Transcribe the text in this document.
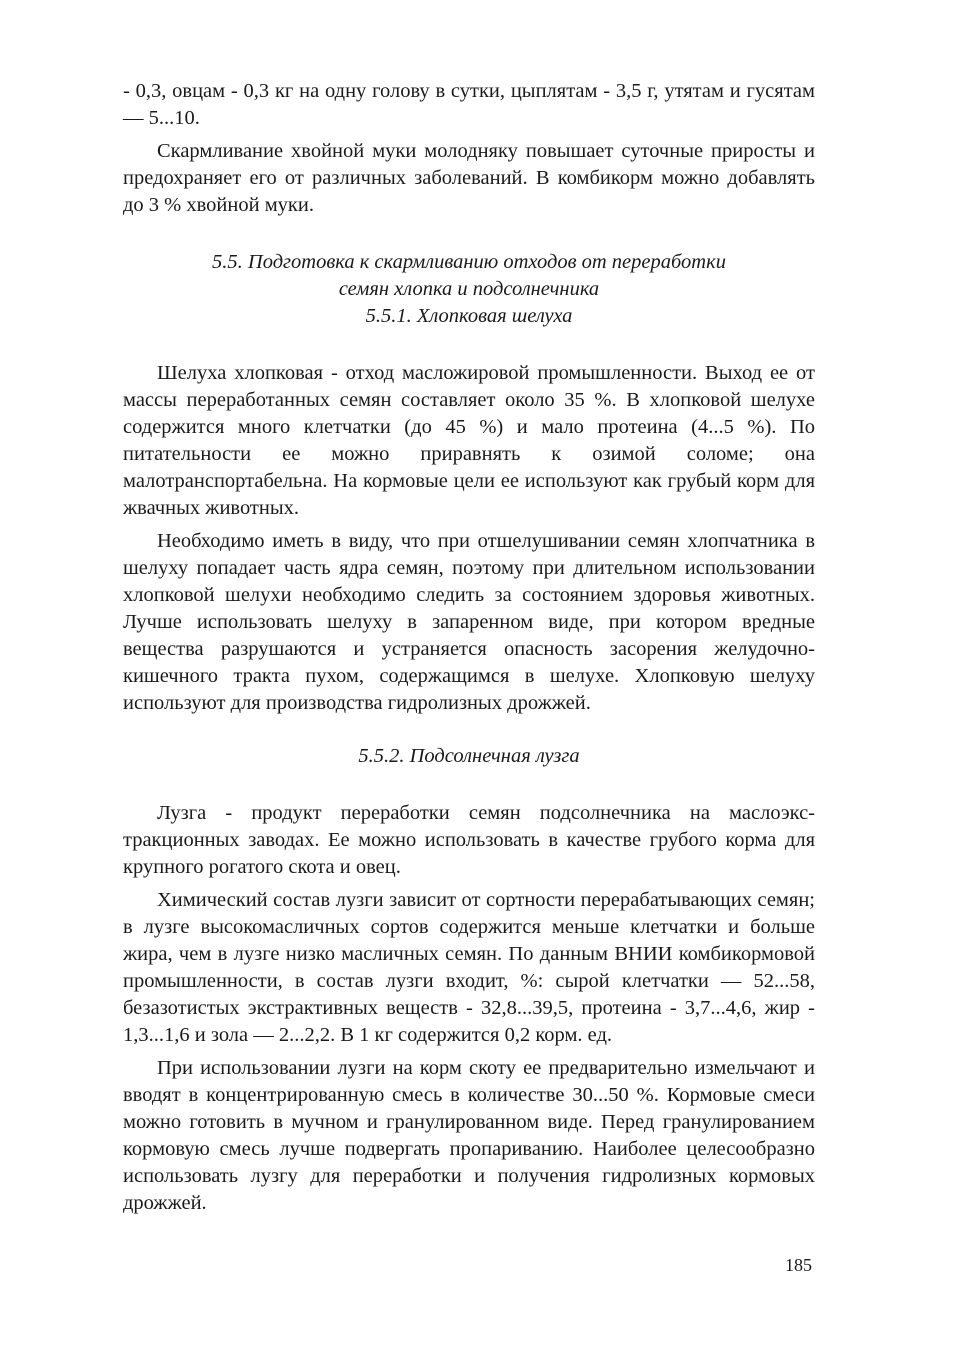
- 0,3, овцам - 0,3 кг на одну голову в сутки, цыплятам - 3,5 г, утятам и гусятам — 5...10.

Скармливание хвойной муки молодняку повышает суточные приросты и предохраняет его от различных заболеваний. В комбикорм можно добавлять до 3 % хвойной муки.

5.5. Подготовка к скармливанию отходов от переработки

семян хлопка и подсолнечника

5.5.1. Хлопковая шелуха

Шелуха хлопковая - отход масложировой промышленности. Выход ее от массы переработанных семян составляет около 35 %. В хлопковой шелухе содержится много клетчатки (до 45 %) и мало протеина (4...5 %). По питательности ее можно приравнять к озимой соломе; она малотранспортабельна. На кормовые цели ее используют как грубый корм для жвачных животных.

Необходимо иметь в виду, что при отшелушивании семян хлопчатника в шелуху попадает часть ядра семян, поэтому при длительном использовании хлопковой шелухи необходимо следить за состоянием здоровья животных. Лучше использовать шелуху в запаренном виде, при котором вредные вещества разрушаются и устраняется опасность засорения желудочно-кишечного тракта пухом, содержащимся в шелухе. Хлопковую шелуху используют для производства гидролизных дрожжей.

5.5.2. Подсолнечная лузга

Лузга - продукт переработки семян подсолнечника на маслоэкстракционных заводах. Ее можно использовать в качестве грубого корма для крупного рогатого скота и овец.

Химический состав лузги зависит от сортности перерабатывающих семян; в лузге высокомасличных сортов содержится меньше клетчатки и больше жира, чем в лузге низко масличных семян. По данным ВНИИ комбикормовой промышленности, в состав лузги входит, %: сырой клетчатки — 52...58, безазотистых экстрактивных веществ - 32,8...39,5, протеина - 3,7...4,6, жир - 1,3...1,6 и зола — 2...2,2. В 1 кг содержится 0,2 корм. ед.

При использовании лузги на корм скоту ее предварительно измельчают и вводят в концентрированную смесь в количестве 30...50 %. Кормовые смеси можно готовить в мучном и гранулированном виде. Перед гранулированием кормовую смесь лучше подвергать пропариванию. Наиболее целесообразно использовать лузгу для переработки и получения гидролизных кормовых дрожжей.

185
